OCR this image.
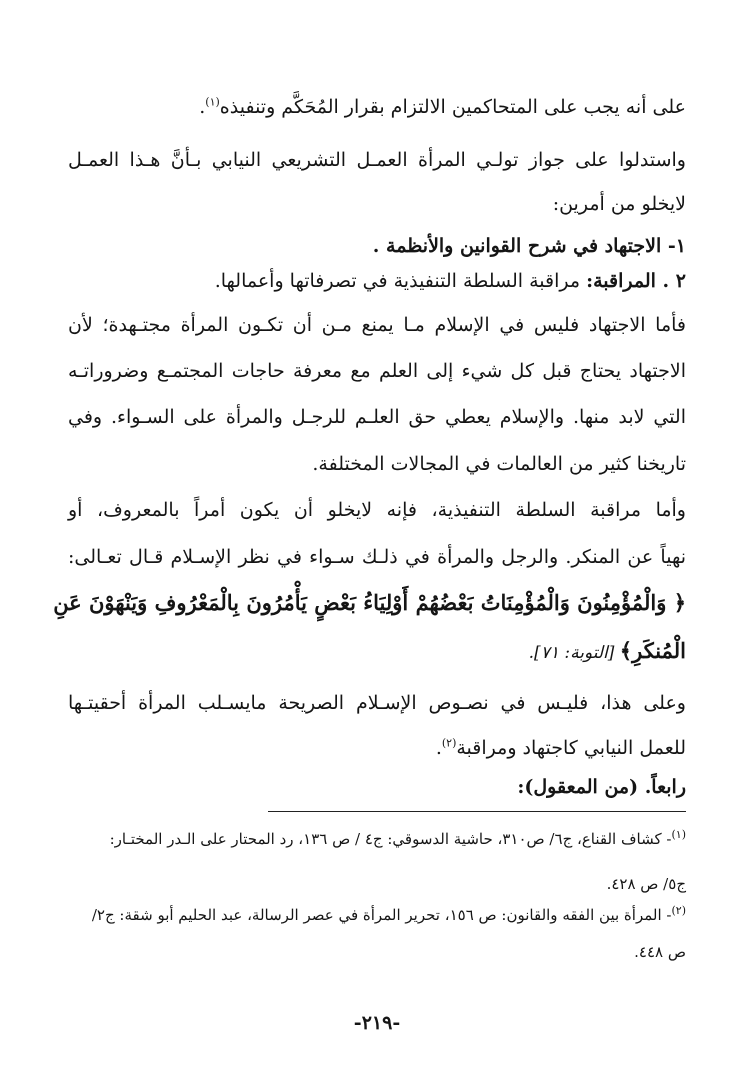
على أنه يجب على المتحاكمين الالتزام بقرار المُحَكَّم وتنفيذه$^{(١)}$.
واستدلوا على جواز تولـي المرأة العمـل التشريعي النيابي بـأنَّ هـذا العمـل
لايخلو من أمرين:
١- الاجتهاد في شرح القوانين والأنظمة .
٢ . المراقبة: مراقبة السلطة التنفيذية في تصرفاتها وأعمالها.
فأما الاجتهاد فليس في الإسلام مـا يمنع مـن أن تكـون المرأة مجتـهدة؛ لأن
الاجتهاد يحتاج قبل كل شيء إلى العلم مع معرفة حاجات المجتمـع وضروراتـه
التي لابد منها. والإسلام يعطي حق العلـم للرجـل والمرأة على السـواء. وفي
تاريخنا كثير من العالمات في المجالات المختلفة.
وأما مراقبة السلطة التنفيذية، فإنه لايخلو أن يكون أمراً بالمعروف، أو
نهياً عن المنكر. والرجل والمرأة في ذلـك سـواء في نظر الإسـلام قـال تعـالى:
﴿ وَالْمُؤْمِنُونَ وَالْمُؤْمِنَاتُ بَعْضُهُمْ أَوْلِيَاءُ بَعْضٍ يَأْمُرُونَ بِالْمَعْرُوفِ وَيَنْهَوْنَ عَنِ
الْمُنكَرِ﴾ [التوبة: ٧١].
وعلى هذا، فليـس في نصـوص الإسـلام الصريحة مايسـلب المرأة أحقيتـها
للعمل النيابي كاجتهاد ومراقبة$^{(٢)}$.
رابعاً. (من المعقول):
$^{(١)}$- كشاف القناع، ج٦/ ص٣١٠، حاشية الدسوقي: ج٤ / ص ١٣٦، رد المحتار على الـدر المختـار:
ج٥/ ص ٤٢٨.
$^{(٢)}$- المرأة بين الفقه والقانون: ص ١٥٦، تحرير المرأة في عصر الرسالة، عبد الحليم أبو شقة: ج٢/
ص ٤٤٨.
-٢١٩-
